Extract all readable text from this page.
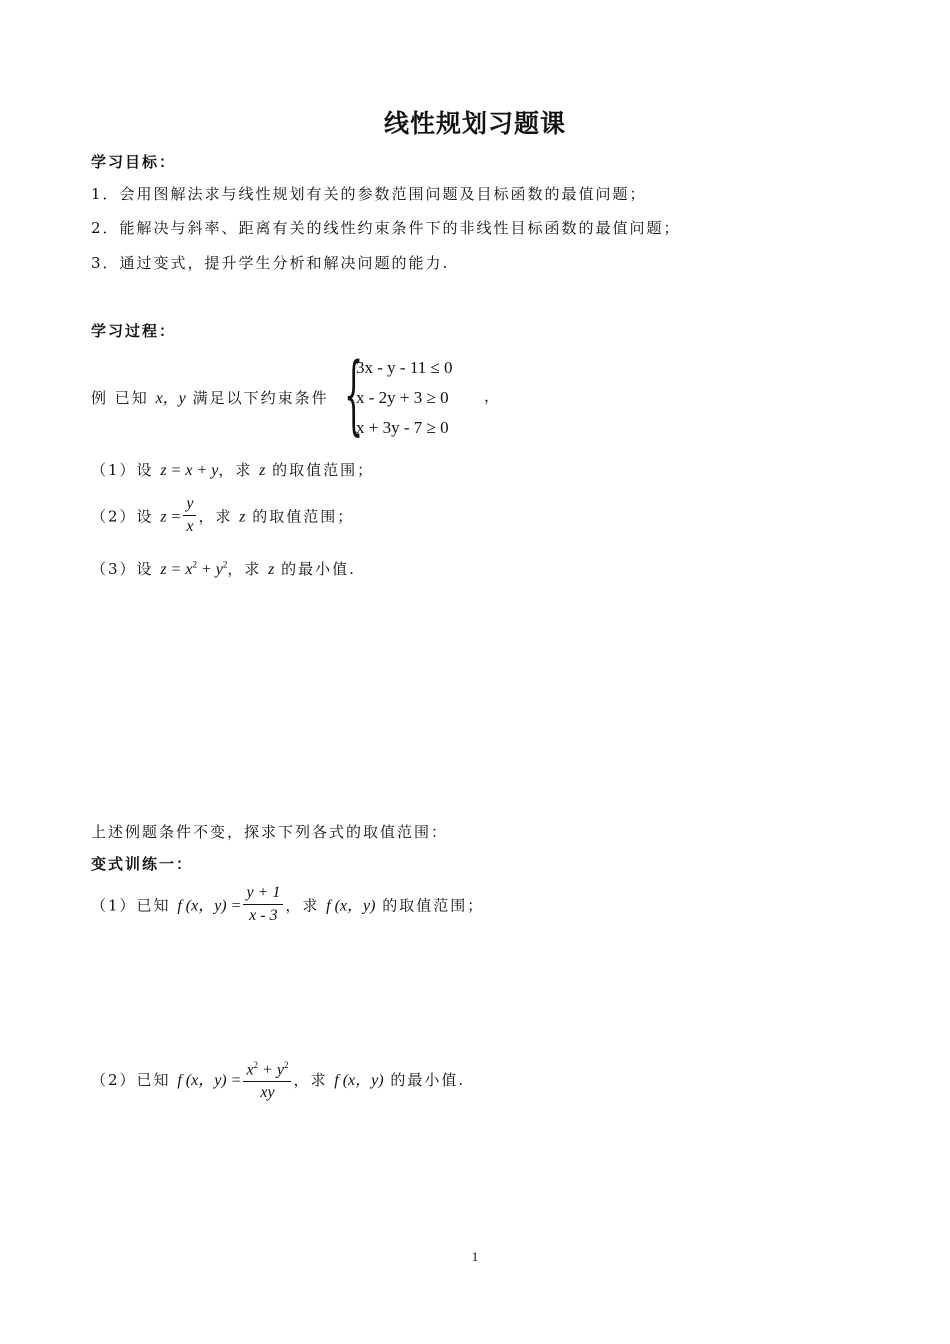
线性规划习题课
学习目标：
1．会用图解法求与线性规划有关的参数范围问题及目标函数的最值问题；
2．能解决与斜率、距离有关的线性约束条件下的非线性目标函数的最值问题；
3．通过变式，提升学生分析和解决问题的能力.
学习过程：
例 已知 x，y 满足以下约束条件 {
3x - y - 11 ≤ 0
x - 2y + 3 ≥ 0
x + 3y - 7 ≥ 0
，
（1）设 z = x + y，求 z 的取值范围；
（2）设 $z = \frac{y}{x}$ ，求 z 的取值范围；
（3）设 $z = x^2 + y^2$，求 z 的最小值.
上述例题条件不变，探求下列各式的取值范围：
变式训练一：
（1）已知 f (x，$y) = \frac{y + 1}{x - 3}$ ，求 f (x，y) 的取值范围；
（2）已知 f (x，$y) = \frac{x^2 + y^2}{xy}$ ，求 f (x，y) 的最小值.
1
